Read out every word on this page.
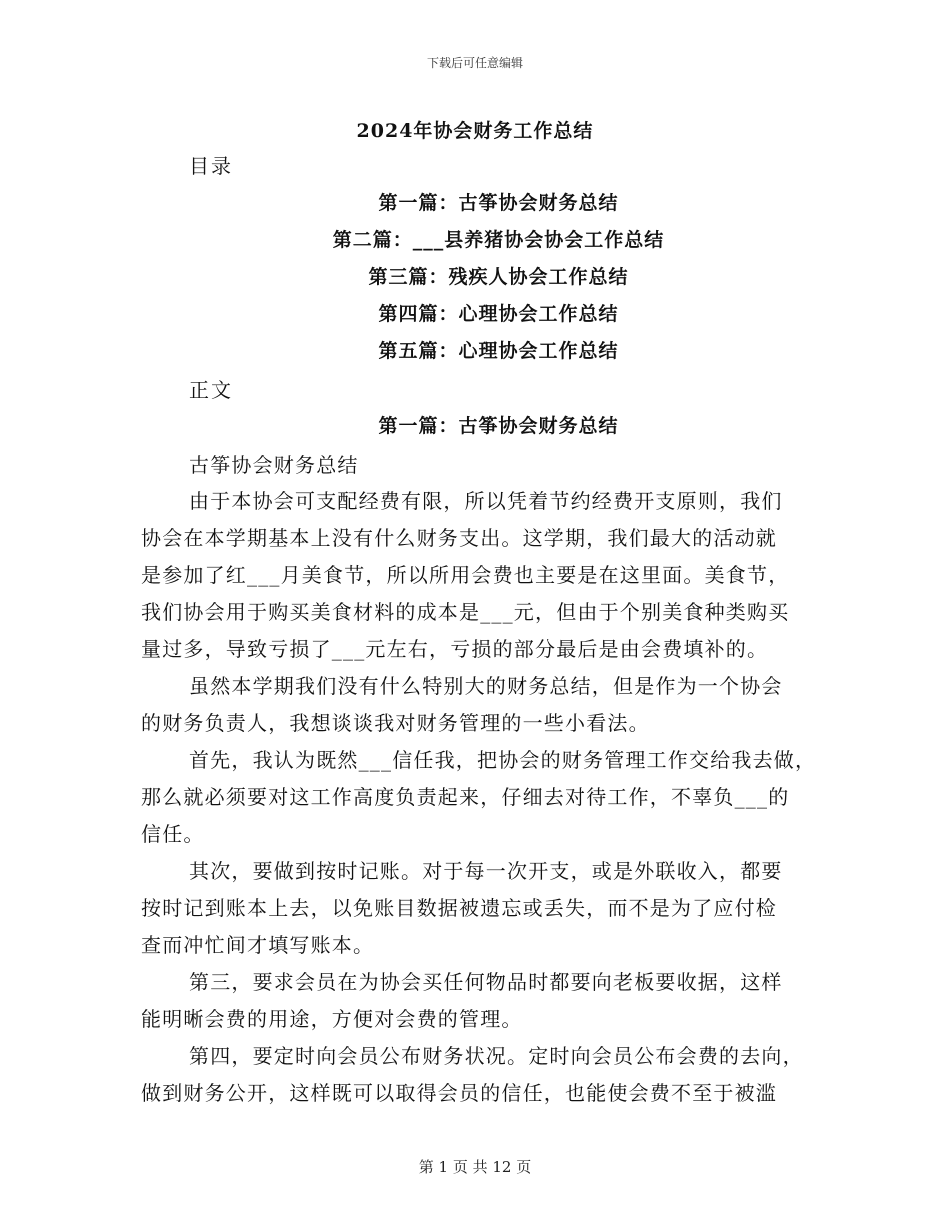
下载后可任意编辑
2024年协会财务工作总结
目录
第一篇：古筝协会财务总结
第二篇：___县养猪协会协会工作总结
第三篇：残疾人协会工作总结
第四篇：心理协会工作总结
第五篇：心理协会工作总结
正文
第一篇：古筝协会财务总结
古筝协会财务总结
由于本协会可支配经费有限，所以凭着节约经费开支原则，我们
协会在本学期基本上没有什么财务支出。这学期，我们最大的活动就
是参加了红___月美食节，所以所用会费也主要是在这里面。美食节，
我们协会用于购买美食材料的成本是___元，但由于个别美食种类购买
量过多，导致亏损了___元左右，亏损的部分最后是由会费填补的。
虽然本学期我们没有什么特别大的财务总结，但是作为一个协会
的财务负责人，我想谈谈我对财务管理的一些小看法。
首先，我认为既然___信任我，把协会的财务管理工作交给我去做，
那么就必须要对这工作高度负责起来，仔细去对待工作，不辜负___的
信任。
其次，要做到按时记账。对于每一次开支，或是外联收入，都要
按时记到账本上去，以免账目数据被遗忘或丢失，而不是为了应付检
查而冲忙间才填写账本。
第三，要求会员在为协会买任何物品时都要向老板要收据，这样
能明晰会费的用途，方便对会费的管理。
第四，要定时向会员公布财务状况。定时向会员公布会费的去向，
做到财务公开，这样既可以取得会员的信任，也能使会费不至于被滥
第 1 页 共 12 页
